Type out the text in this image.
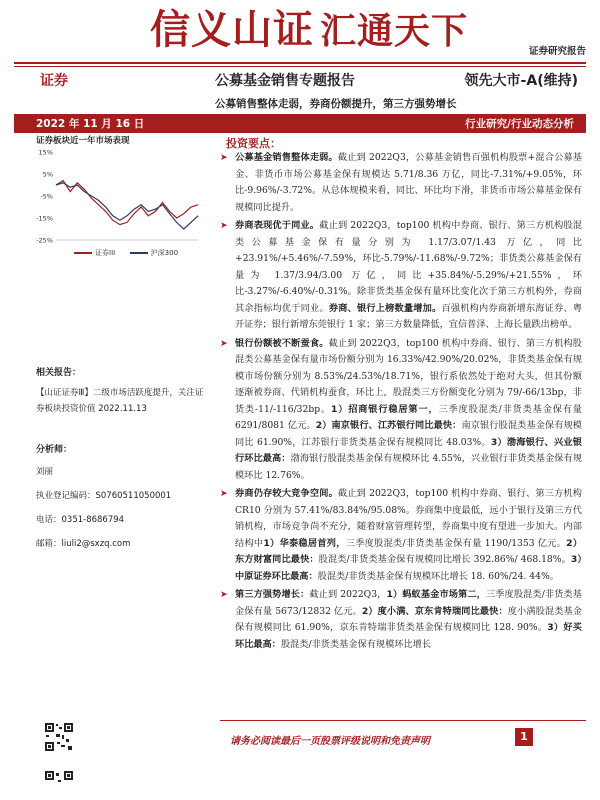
信义山证 汇通天下	证券研究报告
证券	公募基金销售专题报告	领先大市-A(维持)
公募销售整体走弱，券商份额提升，第三方强势增长
2022 年 11 月 16 日	行业研究/行业动态分析
证券板块近一年市场表现
15%
5%
-5%
-15%
-25%
证券III	沪深300
相关报告：
【山证证券Ⅲ】二级市场活跃度提升，关注证券板块投资价值 2022.11.13
分析师：
刘丽
执业登记编码：S0760511050001
电话：0351-8686794
邮箱：liuli2@sxzq.com
投资要点：
➤ 公募基金销售整体走弱。截止到 2022Q3，公募基金销售百强机构股票+混合公募基金、非货币市场公募基金保有规模达 5.71/8.36 万亿，同比-7.31%/+9.05%，环比-9.96%/-3.72%。从总体规模来看，同比、环比均下滑，非货币市场公募基金保有规模同比提升。
➤ 券商表现优于同业。截止到 2022Q3，top100 机构中券商、银行、第三方机构股混类公募基金保有量分别为 1.17/3.07/1.43 万亿，同比+23.91%/+5.46%/-7.59%，环比-5.79%/-11.68%/-9.72%；非货类公募基金保有量为 1.37/3.94/3.00 万亿，同比+35.84%/-5.29%/+21.55%，环比-3.27%/-6.40%/-0.31%。除非货类基金保有量环比变化次于第三方机构外，券商其余指标均优于同业。券商、银行上榜数量增加。百强机构内券商新增东海证券、粤开证券；银行新增东莞银行 1 家；第三方数量降低，宜信普泽、上海长量跌出榜单。
➤ 银行份额被不断蚕食。截止到 2022Q3，top100 机构中券商、银行、第三方机构股混类公募基金保有量市场份额分别为 16.33%/42.90%/20.02%，非货类基金保有规模市场份额分别为 8.53%/24.53%/18.71%，银行系依然处于绝对大头，但其份额逐渐被券商、代销机构蚕食，环比上，股混类三方份额变化分别为 79/-66/13bp，非货类-11/-116/32bp。1）招商银行稳居第一，三季度股混类/非货类基金保有量 6291/8081 亿元。2）南京银行、江苏银行同比最快：南京银行股混类基金保有规模同比 61.90%，江苏银行非货类基金保有规模同比 48.03%。3）渤海银行、兴业银行环比最高：渤海银行股混类基金保有规模环比 4.55%，兴业银行非货类基金保有规模环比 12.76%。
➤ 券商仍存较大竞争空间。截止到 2022Q3，top100 机构中券商、银行、第三方机构 CR10 分别为 57.41%/83.84%/95.08%。券商集中度最低，远小于银行及第三方代销机构，市场竞争尚不充分，随着财富管理转型，券商集中度有望进一步加大。内部结构中1）华泰稳居首列，三季度股混类/非货类基金保有量 1190/1353 亿元。2）东方财富同比最快：股混类/非货类基金保有规模同比增长 392.86%/ 468.18%。3）中原证券环比最高：股混类/非货类基金保有规模环比增长 18. 60%/24. 44%。
➤ 第三方强势增长：截止到 2022Q3，1）蚂蚁基金市场第二，三季度股混类/非货类基金保有量 5673/12832 亿元。2）度小满、京东肯特瑞同比最快：度小满股混类基金保有规模同比 61.90%，京东肯特瑞非货类基金保有规模同比 128. 90%。3）好买环比最高：股混类/非货类基金保有规模环比增长
请务必阅读最后一页股票评级说明和免责声明	1
